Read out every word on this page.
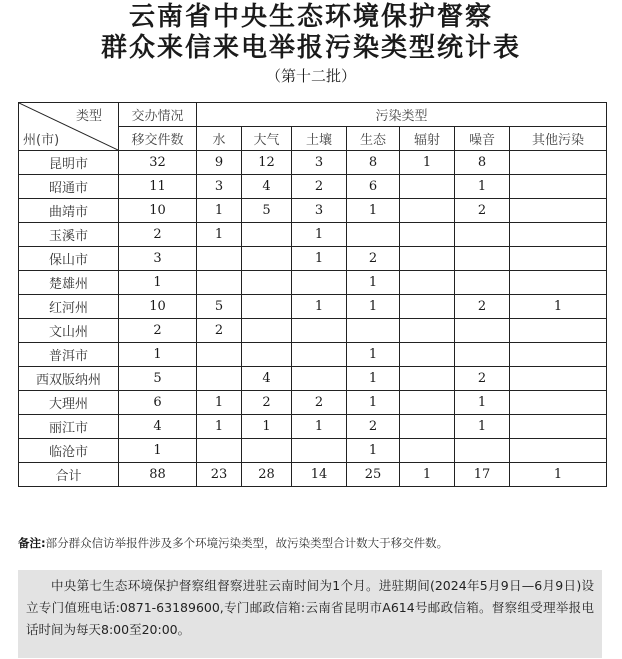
云南省中央生态环境保护督察
群众来信来电举报污染类型统计表
（第十二批）
类型
州(市)	交办情况	污染类型						
	移交件数	水	大气	土壤	生态	辐射	噪音	其他污染
昆明市	32	9	12	3	8	1	8	
昭通市	11	3	4	2	6		1	
曲靖市	10	1	5	3	1		2	
玉溪市	2	1		1				
保山市	3			1	2			
楚雄州	1				1			
红河州	10	5		1	1		2	1
文山州	2	2						
普洱市	1				1			
西双版纳州	5		4		1		2	
大理州	6	1	2	2	1		1	
丽江市	4	1	1	1	2		1	
临沧市	1				1			
合计	88	23	28	14	25	1	17	1
备注:部分群众信访举报件涉及多个环境污染类型，故污染类型合计数大于移交件数。
中央第七生态环境保护督察组督察进驻云南时间为1个月。进驻期间(2024年5月9日—6月9日)设立专门值班电话:0871-63189600,专门邮政信箱:云南省昆明市A614号邮政信箱。督察组受理举报电话时间为每天8:00至20:00。
